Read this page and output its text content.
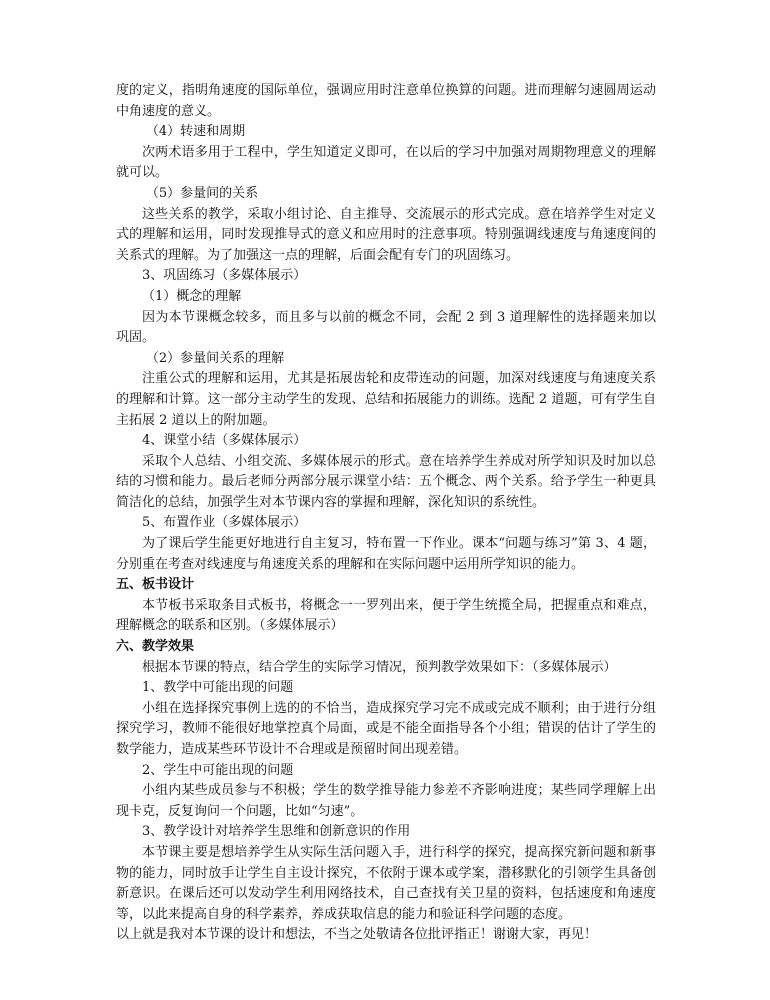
度的定义，指明角速度的国际单位，强调应用时注意单位换算的问题。进而理解匀速圆周运动中角速度的意义。

（4）转速和周期

次两术语多用于工程中，学生知道定义即可，在以后的学习中加强对周期物理意义的理解就可以。

（5）参量间的关系

这些关系的教学，采取小组讨论、自主推导、交流展示的形式完成。意在培养学生对定义式的理解和运用，同时发现推导式的意义和应用时的注意事项。特别强调线速度与角速度间的关系式的理解。为了加强这一点的理解，后面会配有专门的巩固练习。

3、巩固练习（多媒体展示）

（1）概念的理解

因为本节课概念较多，而且多与以前的概念不同，会配 2 到 3 道理解性的选择题来加以巩固。

（2）参量间关系的理解

注重公式的理解和运用，尤其是拓展齿轮和皮带连动的问题，加深对线速度与角速度关系的理解和计算。这一部分主动学生的发现、总结和拓展能力的训练。选配 2 道题，可有学生自主拓展 2 道以上的附加题。

4、课堂小结（多媒体展示）

采取个人总结、小组交流、多媒体展示的形式。意在培养学生养成对所学知识及时加以总结的习惯和能力。最后老师分两部分展示课堂小结：五个概念、两个关系。给予学生一种更具简洁化的总结，加强学生对本节课内容的掌握和理解，深化知识的系统性。

5、布置作业（多媒体展示）

为了课后学生能更好地进行自主复习，特布置一下作业。课本“问题与练习”第 3、4 题，分别重在考查对线速度与角速度关系的理解和在实际问题中运用所学知识的能力。

五、板书设计

本节板书采取条目式板书，将概念一一罗列出来，便于学生统揽全局，把握重点和难点，理解概念的联系和区别。（多媒体展示）

六、教学效果

根据本节课的特点，结合学生的实际学习情况，预判教学效果如下：（多媒体展示）

1、教学中可能出现的问题

小组在选择探究事例上选的的不恰当，造成探究学习完不成或完成不顺利；由于进行分组探究学习，教师不能很好地掌控真个局面，或是不能全面指导各个小组；错误的估计了学生的数学能力，造成某些环节设计不合理或是预留时间出现差错。

2、学生中可能出现的问题

小组内某些成员参与不积极；学生的数学推导能力参差不齐影响进度；某些同学理解上出现卡克，反复询问一个问题，比如“匀速”。

3、教学设计对培养学生思维和创新意识的作用

本节课主要是想培养学生从实际生活问题入手，进行科学的探究，提高探究新问题和新事物的能力，同时放手让学生自主设计探究，不依附于课本或学案，潜移默化的引领学生具备创新意识。在课后还可以发动学生利用网络技术，自己查找有关卫星的资料，包括速度和角速度等，以此来提高自身的科学素养，养成获取信息的能力和验证科学问题的态度。

以上就是我对本节课的设计和想法，不当之处敬请各位批评指正！谢谢大家，再见！
